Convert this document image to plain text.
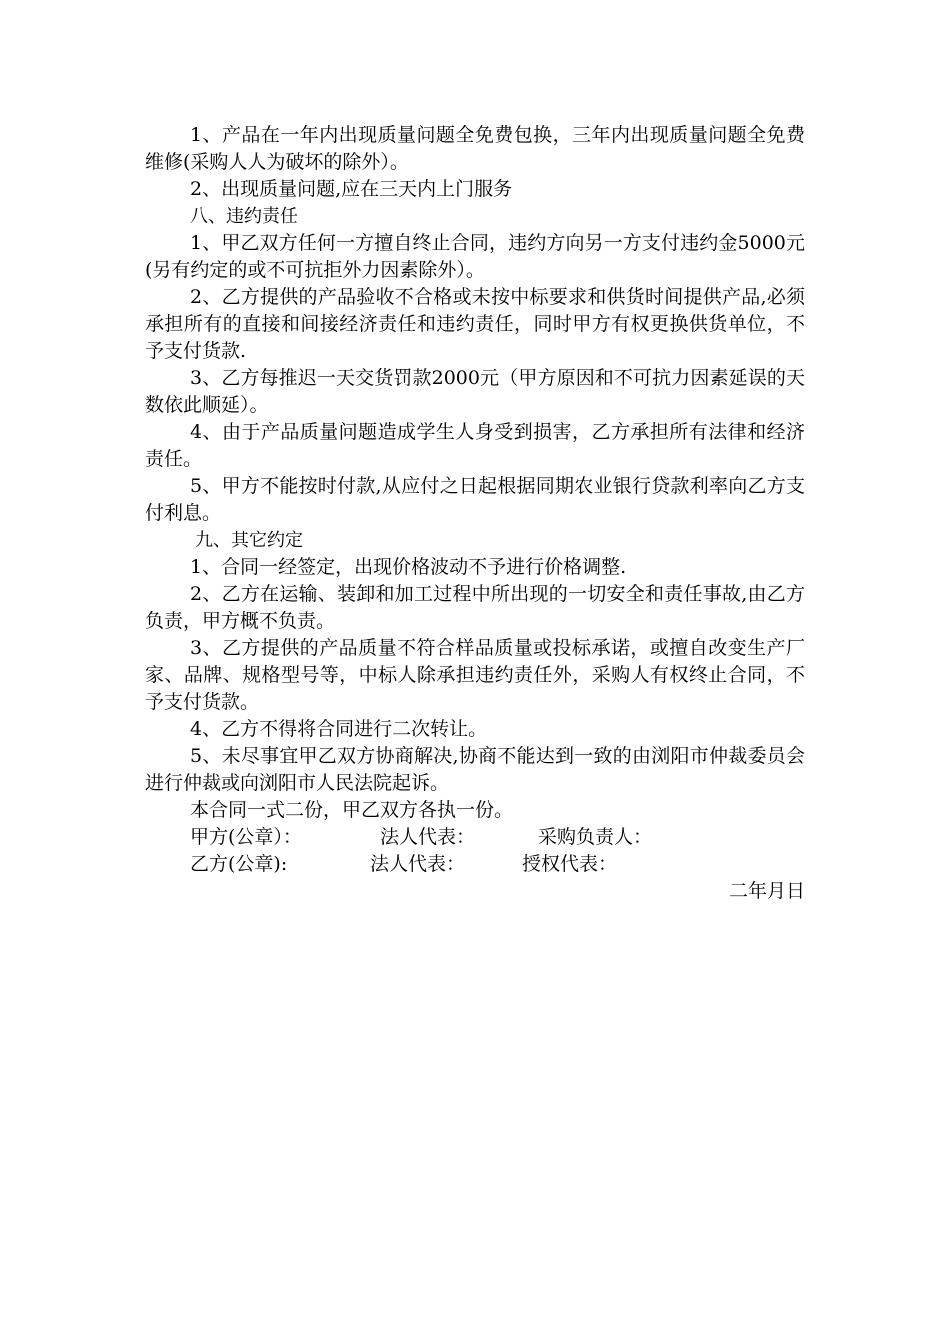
1、产品在一年内出现质量问题全免费包换，三年内出现质量问题全免费维修(采购人人为破坏的除外）。

2、出现质量问题,应在三天内上门服务

八、违约责任

1、甲乙双方任何一方擅自终止合同，违约方向另一方支付违约金5000元(另有约定的或不可抗拒外力因素除外）。

2、乙方提供的产品验收不合格或未按中标要求和供货时间提供产品,必须承担所有的直接和间接经济责任和违约责任，同时甲方有权更换供货单位，不予支付货款.

3、乙方每推迟一天交货罚款2000元（甲方原因和不可抗力因素延误的天数依此顺延）。

4、由于产品质量问题造成学生人身受到损害，乙方承担所有法律和经济责任。

5、甲方不能按时付款,从应付之日起根据同期农业银行贷款利率向乙方支付利息。

九、其它约定

1、合同一经签定，出现价格波动不予进行价格调整.

2、乙方在运输、装卸和加工过程中所出现的一切安全和责任事故,由乙方负责，甲方概不负责。

3、乙方提供的产品质量不符合样品质量或投标承诺，或擅自改变生产厂家、品牌、规格型号等，中标人除承担违约责任外，采购人有权终止合同，不予支付货款。

4、乙方不得将合同进行二次转让。

5、未尽事宜甲乙双方协商解决,协商不能达到一致的由浏阳市仲裁委员会进行仲裁或向浏阳市人民法院起诉。

本合同一式二份，甲乙双方各执一份。

甲方(公章）：	法人代表：	采购负责人：

乙方(公章):	法人代表：	授权代表：

二年月日
